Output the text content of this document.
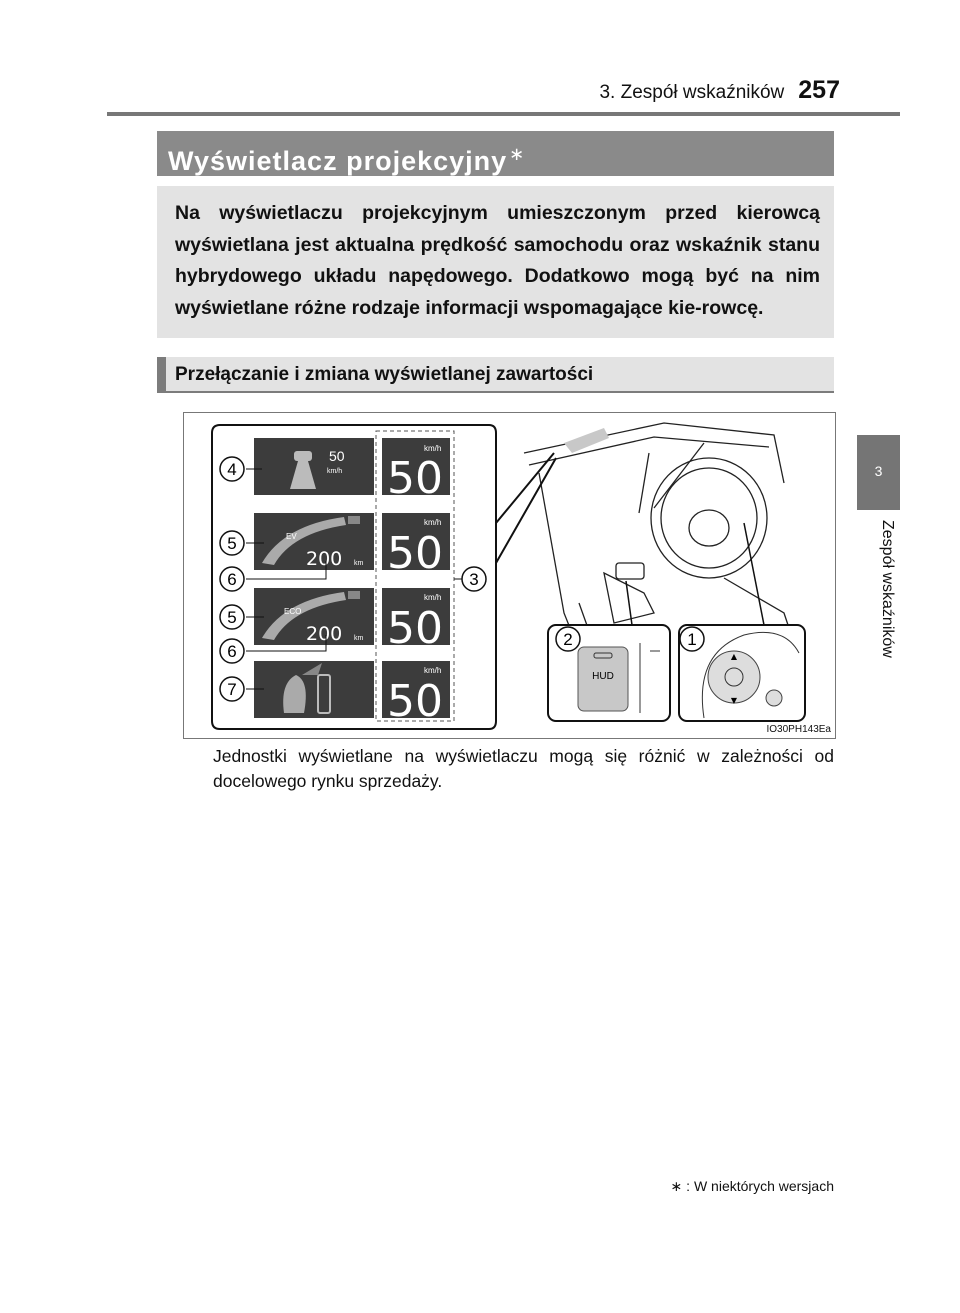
3. Zespół wskaźników 257
3
Zespół wskaźników
Wyświetlacz projekcyjny ∗
Na wyświetlaczu projekcyjnym umieszczonym przed kierowcą wyświetlana jest aktualna prędkość samochodu oraz wskaźnik stanu hybrydowego układu napędowego. Dodatkowo mogą być na nim wyświetlane różne rodzaje informacji wspomagające kie-rowcę.
Przełączanie i zmiana wyświetlanej zawartości
50
km/h
km/h
50
EV
200 km
km/h
50
ECO
200 km
km/h
50
km/h
50
4
5
6
5
6
7
3
HUD
2
▲
▼
1
IO30PH143Ea
Jednostki wyświetlane na wyświetlaczu mogą się różnić w zależności od docelowego rynku sprzedaży.
∗ : W niektórych wersjach
